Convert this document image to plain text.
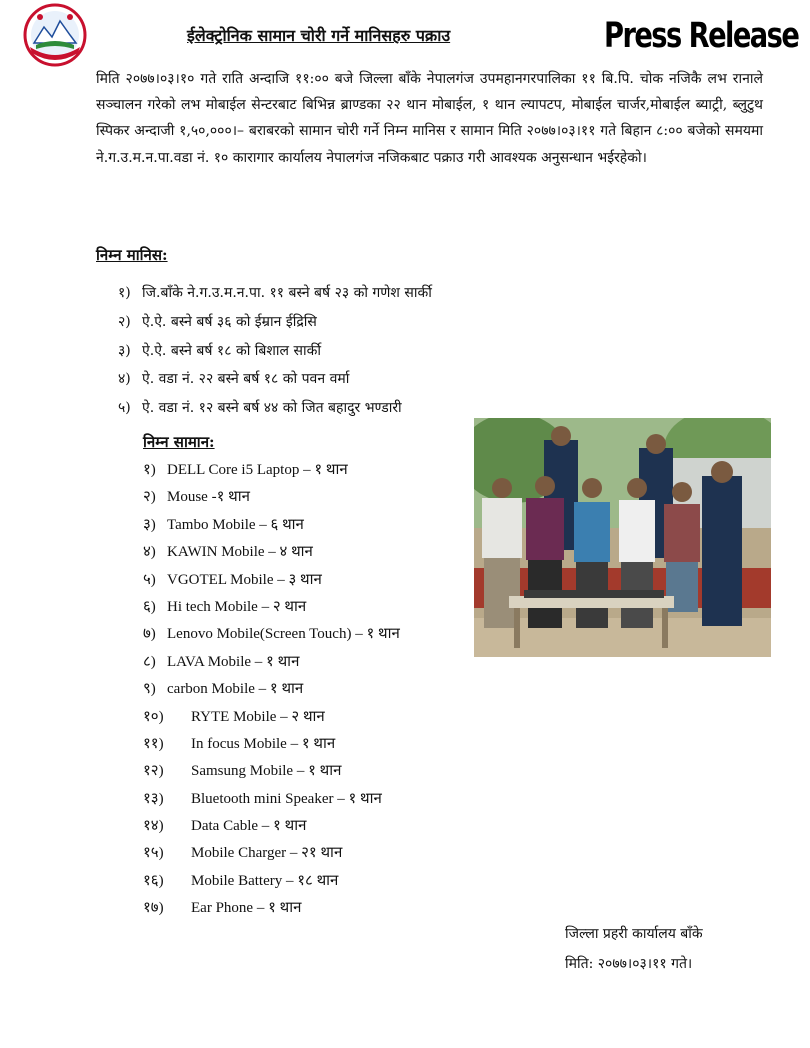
Press Release
ईलेक्ट्रोनिक सामान चोरी गर्ने मानिसहरु पक्राउ

मिति २०७७।०३।१० गते राति अन्दाजि ११:०० बजे जिल्ला बाँके नेपालगंज उपमहानगरपालिका ११ बि.पि. चोक नजिकै लभ रानाले सञ्चालन गरेको लभ मोबाईल सेन्टरबाट बिभिन्न ब्राण्डका २२ थान मोबाईल, १ थान ल्यापटप, मोबाईल चार्जर,मोबाईल ब्याट्री, ब्लुटुथ स्पिकर अन्दाजी १,५०,०००।– बराबरको सामान चोरी गर्ने निम्न मानिस र सामान मिति २०७७।०३।११ गते बिहान ८:०० बजेको समयमा ने.ग.उ.म.न.पा.वडा नं. १० कारागार कार्यालय नेपालगंज नजिकबाट पक्राउ गरी आवश्यक अनुसन्धान भईरहेको।

निम्न मानिस:
१) जि.बाँके ने.ग.उ.म.न.पा. ११ बस्ने बर्ष २३ को गणेश सार्की
२) ऐ.ऐ. बस्ने बर्ष ३६ को ईम्रान ईद्रिसि
३) ऐ.ऐ. बस्ने बर्ष १८ को बिशाल सार्की
४) ऐ. वडा नं. २२ बस्ने बर्ष १८ को पवन वर्मा
५) ऐ. वडा नं. १२ बस्ने बर्ष ४४ को जित बहादुर भण्डारी
निम्न सामान:
१) DELL Core i5 Laptop – १ थान
२) Mouse -१ थान
३) Tambo Mobile – ६ थान
४) KAWIN Mobile – ४ थान
५) VGOTEL Mobile – ३ थान
६) Hi tech Mobile – २ थान
७) Lenovo Mobile(Screen Touch) – १ थान
८) LAVA Mobile – १ थान
९) carbon Mobile – १ थान
१०) RYTE Mobile – २ थान
११) In focus Mobile – १ थान
१२) Samsung Mobile – १ थान
१३) Bluetooth mini Speaker – १ थान
१४) Data Cable – १ थान
१५) Mobile Charger – २१ थान
१६) Mobile Battery – १८ थान
१७) Ear Phone – १ थान
जिल्ला प्रहरी कार्यालय बाँके
मिति: २०७७।०३।११ गते।
